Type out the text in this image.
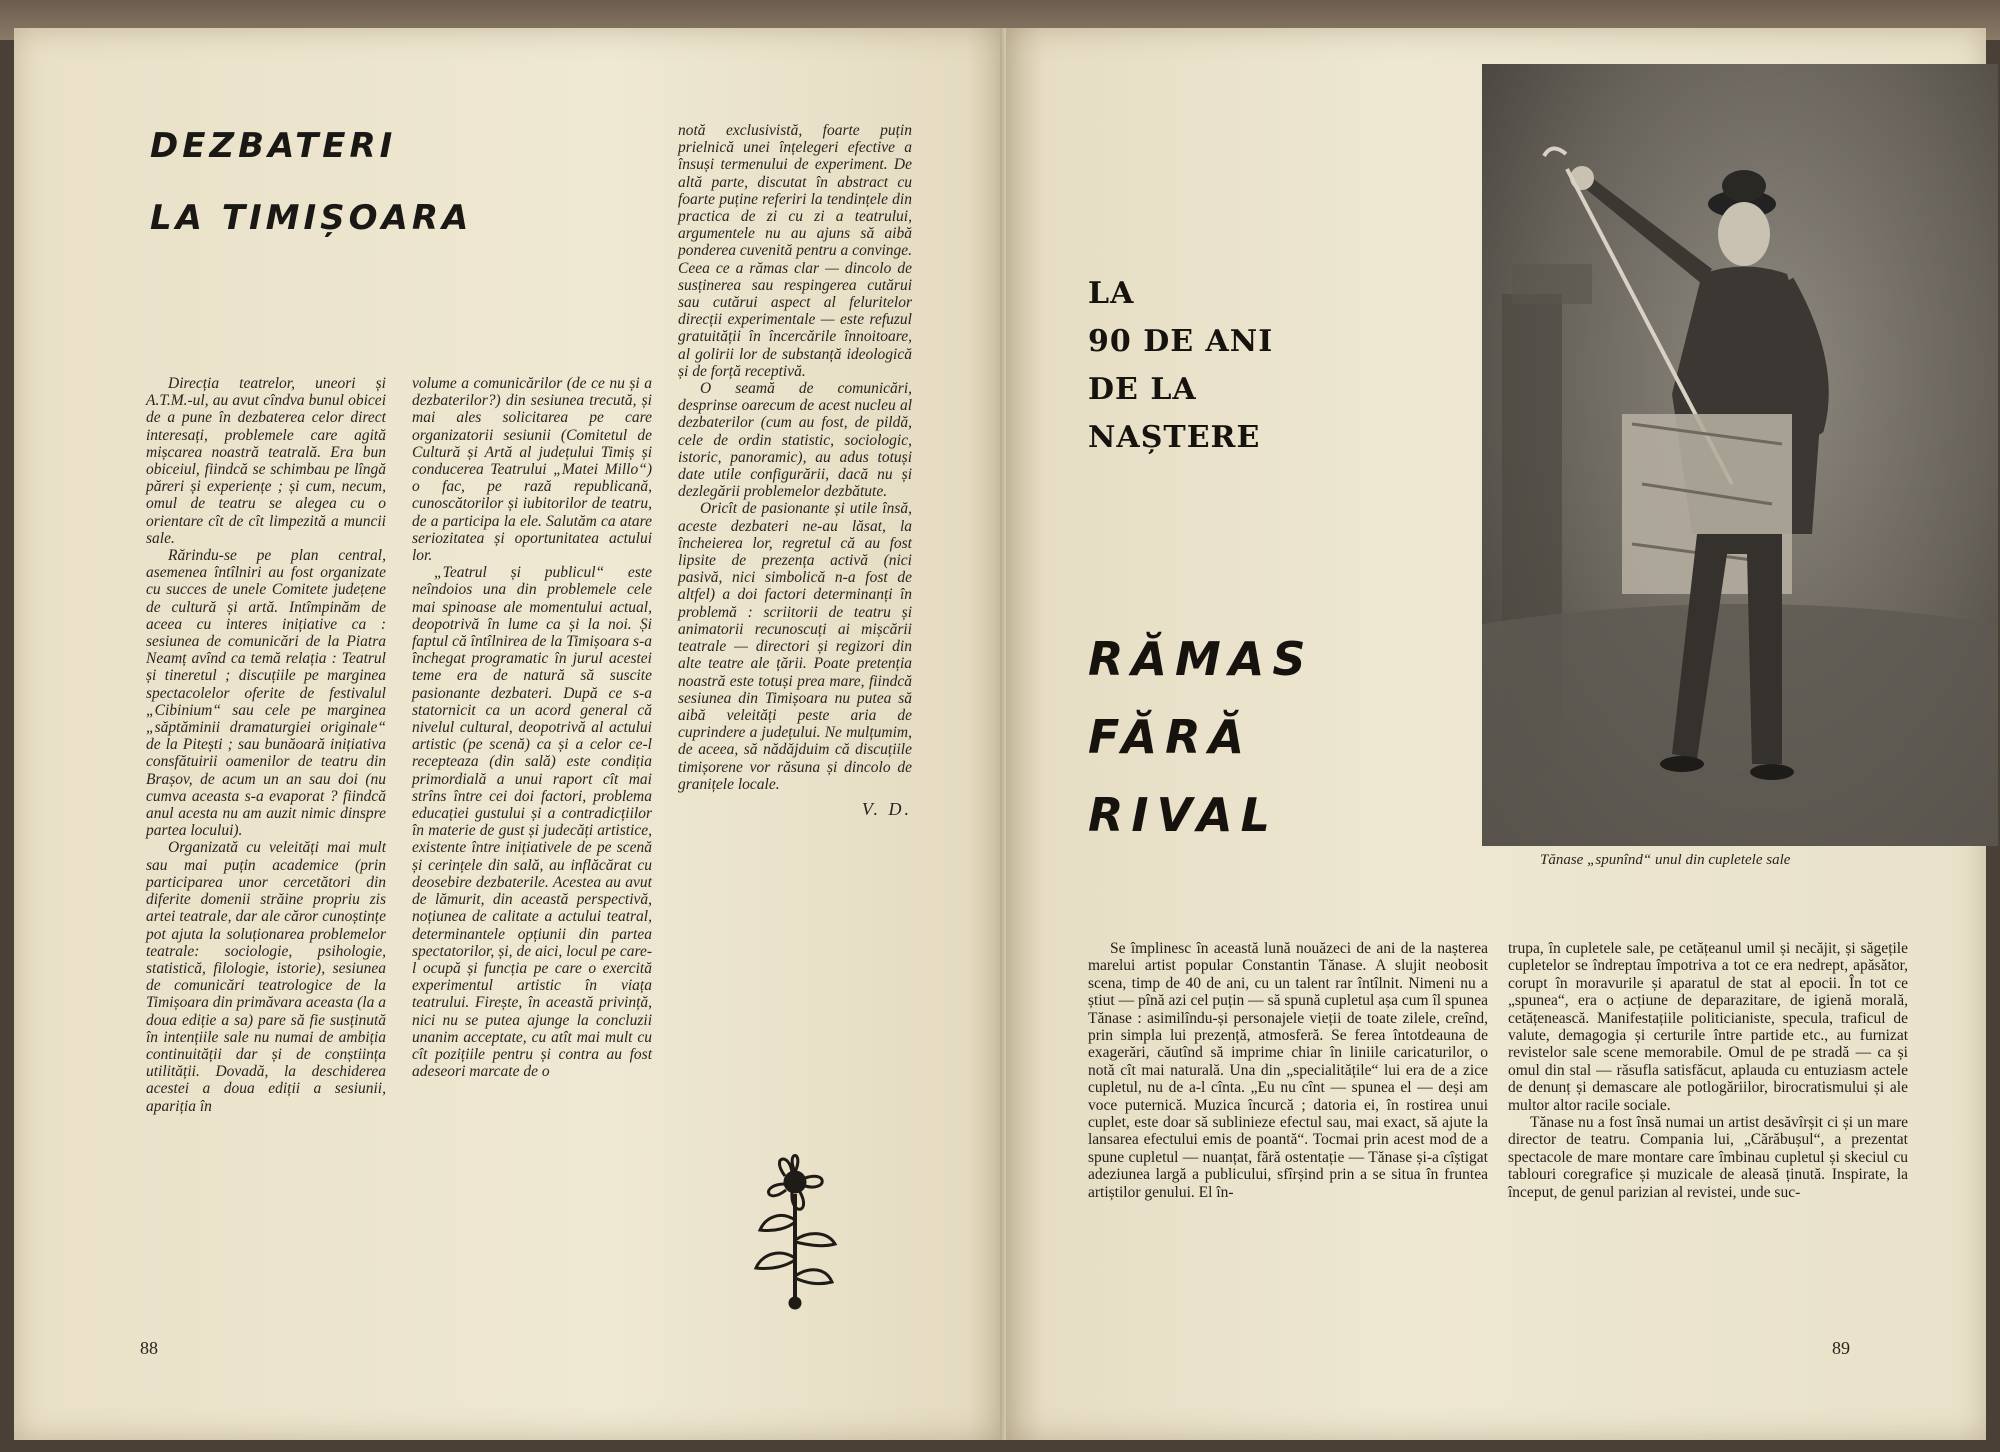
DEZBATERI
LA TIMIȘOARA

Direcția teatrelor, uneori și A.T.M.-ul, au avut cîndva bunul obicei de a pune în dezbaterea celor direct interesați, problemele care agită mișcarea noastră teatrală. Era bun obiceiul, fiindcă se schimbau pe lîngă păreri și experiențe ; și cum, necum, omul de teatru se alegea cu o orientare cît de cît limpezită a muncii sale.

Rărindu-se pe plan central, asemenea întîlniri au fost organizate cu succes de unele Comitete județene de cultură și artă. Intîmpinăm de aceea cu interes inițiative ca : sesiunea de comunicări de la Piatra Neamț avînd ca temă relația : Teatrul și tineretul ; discuțiile pe marginea spectacolelor oferite de festivalul „Cibinium“ sau cele pe marginea „săptăminii dramaturgiei originale“ de la Pitești ; sau bunăoară inițiativa consfătuirii oamenilor de teatru din Brașov, de acum un an sau doi (nu cumva aceasta s-a evaporat ? fiindcă anul acesta nu am auzit nimic dinspre partea locului).

Organizată cu veleități mai mult sau mai puțin academice (prin participarea unor cercetători din diferite domenii străine propriu zis artei teatrale, dar ale căror cunoștințe pot ajuta la soluționarea problemelor teatrale: sociologie, psihologie, statistică, filologie, istorie), sesiunea de comunicări teatrologice de la Timișoara din primăvara aceasta (la a doua ediție a sa) pare să fie susținută în intențiile sale nu numai de ambiția continuității dar și de conștiința utilității. Dovadă, la deschiderea acestei a doua ediții a sesiunii, apariția în

volume a comunicărilor (de ce nu și a dezbaterilor?) din sesiunea trecută, și mai ales solicitarea pe care organizatorii sesiunii (Comitetul de Cultură și Artă al județului Timiș și conducerea Teatrului „Matei Millo“) o fac, pe rază republicană, cunoscătorilor și iubitorilor de teatru, de a participa la ele. Salutăm ca atare seriozitatea și oportunitatea actului lor.

„Teatrul și publicul“ este neîndoios una din problemele cele mai spinoase ale momentului actual, deopotrivă în lume ca și la noi. Și faptul că întîlnirea de la Timișoara s-a închegat programatic în jurul acestei teme era de natură să suscite pasionante dezbateri. După ce s-a statornicit ca un acord general că nivelul cultural, deopotrivă al actului artistic (pe scenă) ca și a celor ce-l recepteaza (din sală) este condiția primordială a unui raport cît mai strîns între cei doi factori, problema educației gustului și a contradicțiilor în materie de gust și judecăți artistice, existente între inițiativele de pe scenă și cerințele din sală, au inflăcărat cu deosebire dezbaterile. Acestea au avut de lămurit, din această perspectivă, noțiunea de calitate a actului teatral, determinantele opțiunii din partea spectatorilor, și, de aici, locul pe care-l ocupă și funcția pe care o exercită experimentul artistic în viața teatrului. Firește, în această privință, nici nu se putea ajunge la concluzii unanim acceptate, cu atît mai mult cu cît pozițiile pentru și contra au fost adeseori marcate de o

notă exclusivistă, foarte puțin prielnică unei înțelegeri efective a însuși termenului de experiment. De altă parte, discutat în abstract cu foarte puține referiri la tendințele din practica de zi cu zi a teatrului, argumentele nu au ajuns să aibă ponderea cuvenită pentru a convinge. Ceea ce a rămas clar — dincolo de susținerea sau respingerea cutărui sau cutărui aspect al feluritelor direcții experimentale — este refuzul gratuității în încercările înnoitoare, al golirii lor de substanță ideologică și de forță receptivă.

O seamă de comunicări, desprinse oarecum de acest nucleu al dezbaterilor (cum au fost, de pildă, cele de ordin statistic, sociologic, istoric, panoramic), au adus totuși date utile configurării, dacă nu și dezlegării problemelor dezbătute.

Oricît de pasionante și utile însă, aceste dezbateri ne-au lăsat, la încheierea lor, regretul că au fost lipsite de prezența activă (nici pasivă, nici simbolică n-a fost de altfel) a doi factori determinanți în problemă : scriitorii de teatru și animatorii recunoscuți ai mișcării teatrale — directori și regizori din alte teatre ale țării. Poate pretenția noastră este totuși prea mare, fiindcă sesiunea din Timișoara nu putea să aibă veleități peste aria de cuprindere a județului. Ne mulțumim, de aceea, să nădăjduim că discuțiile timișorene vor răsuna și dincolo de granițele locale.

V. D.
88
LA
90 DE ANI
DE LA
NAȘTERE
RĂMAS
FĂRĂ
RIVAL
Tănase „spunînd“ unul din cupletele sale

Se împlinesc în această lună nouăzeci de ani de la nașterea marelui artist popular Constantin Tănase. A slujit neobosit scena, timp de 40 de ani, cu un talent rar întîlnit. Nimeni nu a știut — pînă azi cel puțin — să spună cupletul așa cum îl spunea Tănase : asimilîndu-și personajele vieții de toate zilele, creînd, prin simpla lui prezență, atmosferă. Se ferea întotdeauna de exagerări, căutînd să imprime chiar în liniile caricaturilor, o notă cît mai naturală. Una din „specialitățile“ lui era de a zice cupletul, nu de a-l cînta. „Eu nu cînt — spunea el — deși am voce puternică. Muzica încurcă ; datoria ei, în rostirea unui cuplet, este doar să sublinieze efectul sau, mai exact, să ajute la lansarea efectului emis de poantă“. Tocmai prin acest mod de a spune cupletul — nuanțat, fără ostentație — Tănase și-a cîștigat adeziunea largă a publicului, sfîrșind prin a se situa în fruntea artiștilor genului. El în-

trupa, în cupletele sale, pe cetățeanul umil și necăjit, și săgețile cupletelor se îndreptau împotriva a tot ce era nedrept, apăsător, corupt în moravurile și aparatul de stat al epocii. În tot ce „spunea“, era o acțiune de deparazitare, de igienă morală, cetățenească. Manifestațiile politicianiste, specula, traficul de valute, demagogia și certurile între partide etc., au furnizat revistelor sale scene memorabile. Omul de pe stradă — ca și omul din stal — răsufla satisfăcut, aplauda cu entuziasm actele de denunț și demascare ale potlogăriilor, birocratismului și ale multor altor racile sociale.

Tănase nu a fost însă numai un artist desăvîrșit ci și un mare director de teatru. Compania lui, „Cărăbușul“, a prezentat spectacole de mare montare care îmbinau cupletul și skeciul cu tablouri coregrafice și muzicale de aleasă ținută. Inspirate, la început, de genul parizian al revistei, unde suc-

89
